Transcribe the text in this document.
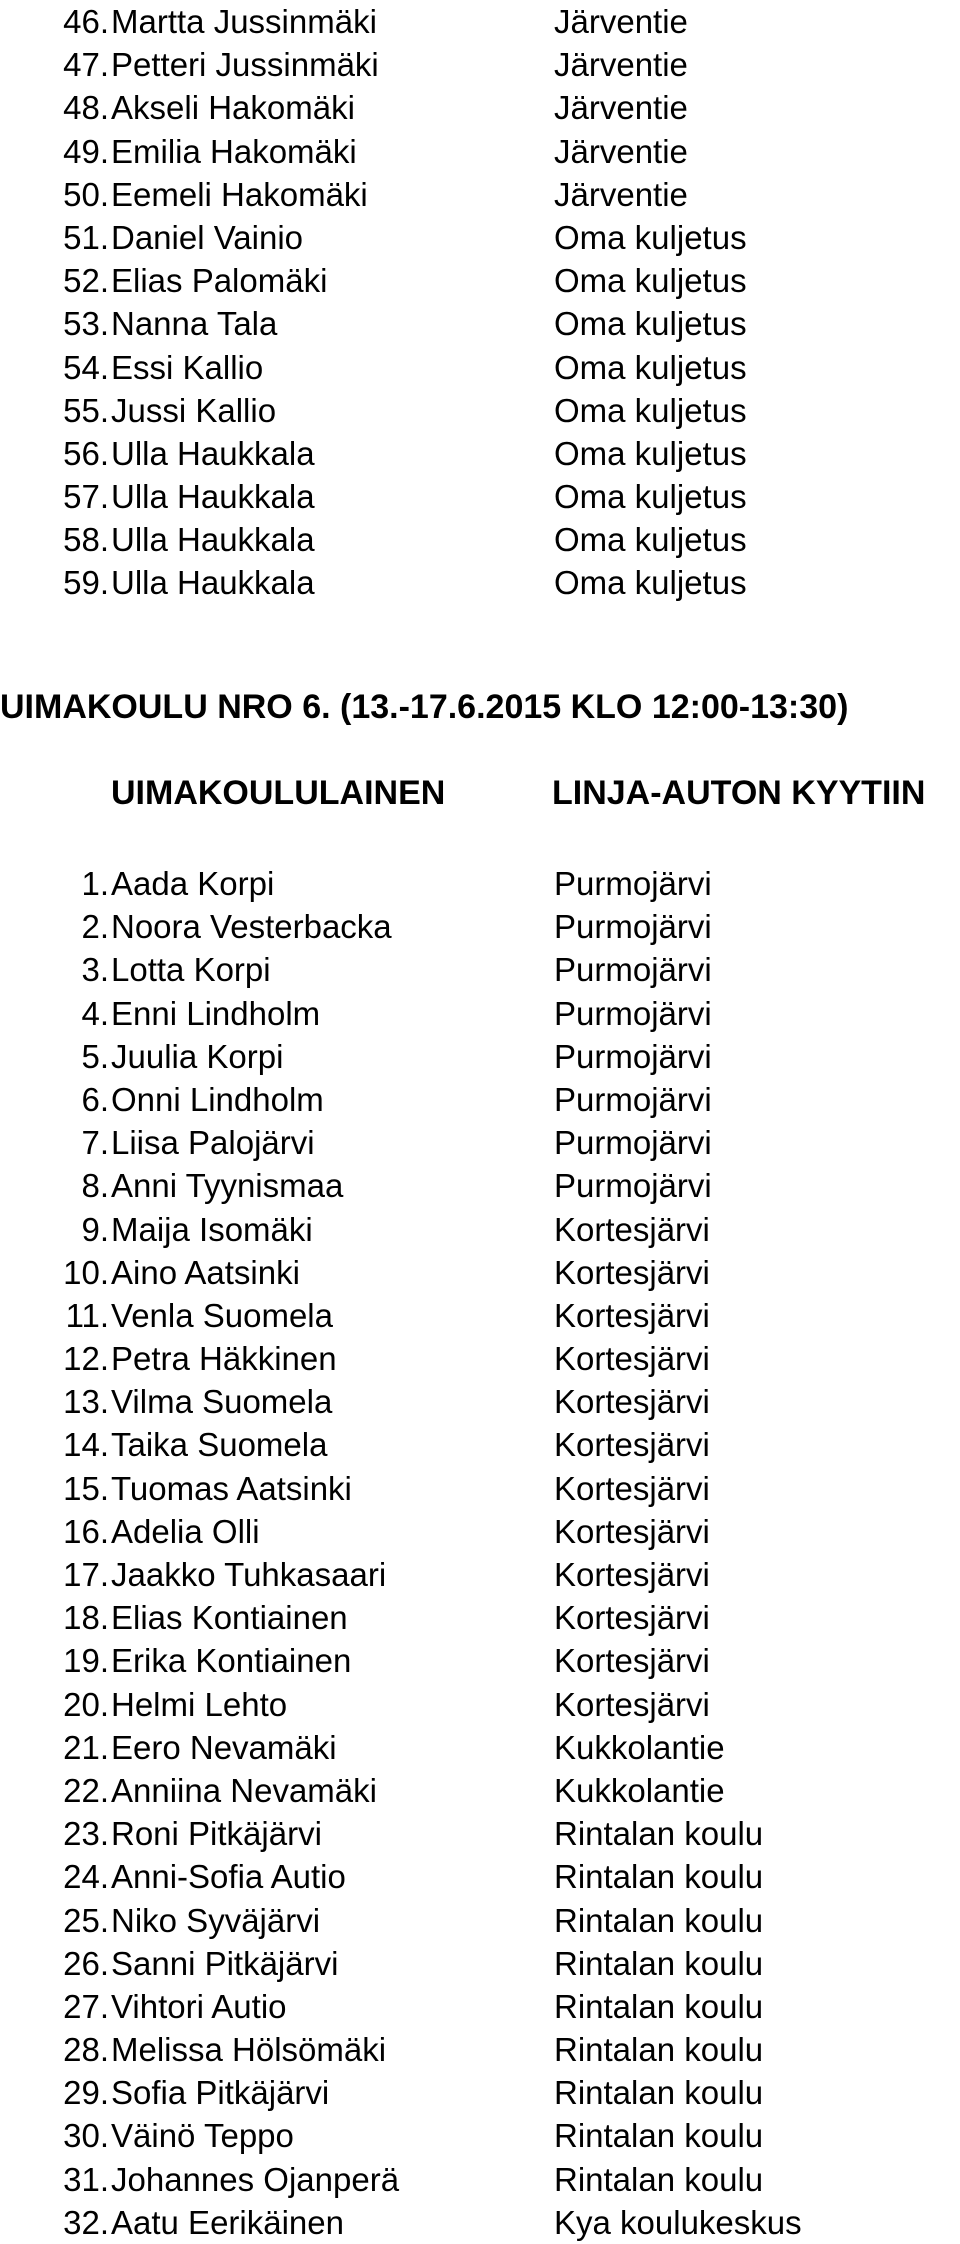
46. Martta Jussinmäki	Järventie
47. Petteri Jussinmäki	Järventie
48. Akseli Hakomäki	Järventie
49. Emilia Hakomäki	Järventie
50. Eemeli Hakomäki	Järventie
51. Daniel Vainio	Oma kuljetus
52. Elias Palomäki	Oma kuljetus
53. Nanna Tala	Oma kuljetus
54. Essi Kallio	Oma kuljetus
55. Jussi Kallio	Oma kuljetus
56. Ulla Haukkala	Oma kuljetus
57. Ulla Haukkala	Oma kuljetus
58. Ulla Haukkala	Oma kuljetus
59. Ulla Haukkala	Oma kuljetus
UIMAKOULU NRO 6. (13.-17.6.2015 KLO 12:00-13:30)
UIMAKOULULAINEN	LINJA-AUTON KYYTIIN
1. Aada Korpi	Purmojärvi
2. Noora Vesterbacka	Purmojärvi
3. Lotta Korpi	Purmojärvi
4. Enni Lindholm	Purmojärvi
5. Juulia Korpi	Purmojärvi
6. Onni Lindholm	Purmojärvi
7. Liisa Palojärvi	Purmojärvi
8. Anni Tyynismaa	Purmojärvi
9. Maija Isomäki	Kortesjärvi
10. Aino Aatsinki	Kortesjärvi
11. Venla Suomela	Kortesjärvi
12. Petra Häkkinen	Kortesjärvi
13. Vilma Suomela	Kortesjärvi
14. Taika Suomela	Kortesjärvi
15. Tuomas Aatsinki	Kortesjärvi
16. Adelia Olli	Kortesjärvi
17. Jaakko Tuhkasaari	Kortesjärvi
18. Elias Kontiainen	Kortesjärvi
19. Erika Kontiainen	Kortesjärvi
20. Helmi Lehto	Kortesjärvi
21. Eero Nevamäki	Kukkolantie
22. Anniina Nevamäki	Kukkolantie
23. Roni Pitkäjärvi	Rintalan koulu
24. Anni-Sofia Autio	Rintalan koulu
25. Niko Syväjärvi	Rintalan koulu
26. Sanni Pitkäjärvi	Rintalan koulu
27. Vihtori Autio	Rintalan koulu
28. Melissa Hölsömäki	Rintalan koulu
29. Sofia Pitkäjärvi	Rintalan koulu
30. Väinö Teppo	Rintalan koulu
31. Johannes Ojanperä	Rintalan koulu
32. Aatu Eerikäinen	Kya koulukeskus
